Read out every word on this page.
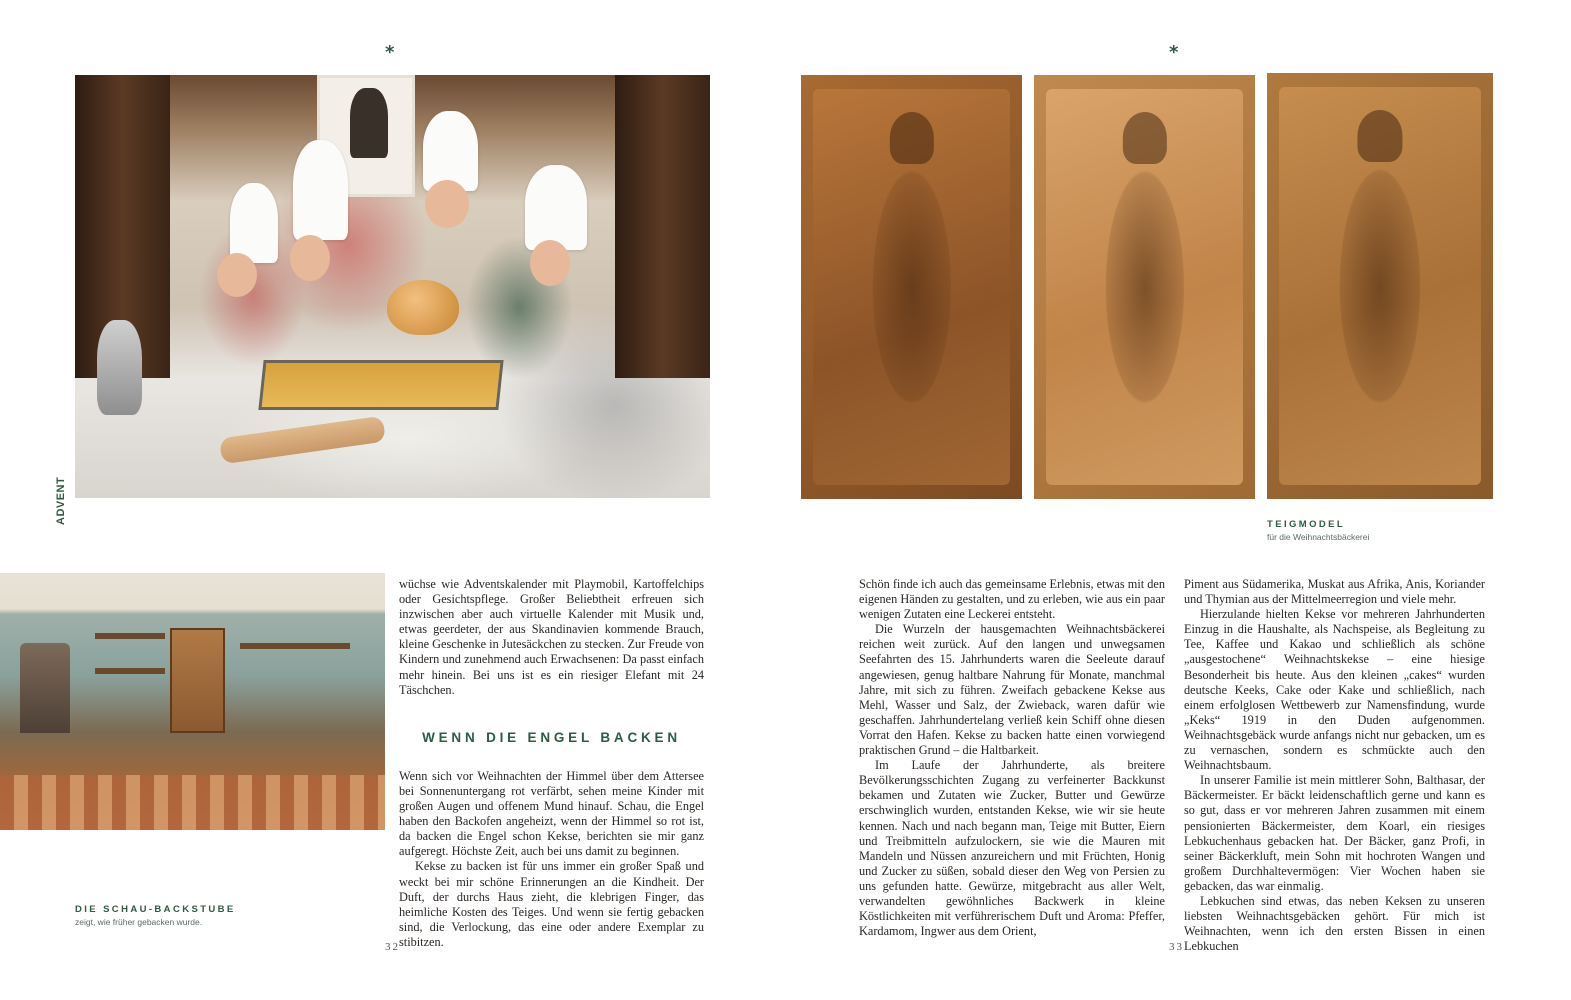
*	*
ADVENT	TEIGMODEL
für die Weihnachtsbäckerei
DIE SCHAU-BACKSTUBE
zeigt, wie früher gebacken wurde.

wüchse wie Adventskalender mit Playmobil, Kartoffelchips oder Gesichtspflege. Großer Beliebtheit erfreuen sich inzwischen aber auch virtuelle Kalender mit Musik und, etwas geerdeter, der aus Skandinavien kommende Brauch, kleine Geschenke in Jutesäckchen zu stecken. Zur Freude von Kindern und zunehmend auch Erwachsenen: Da passt einfach mehr hinein. Bei uns ist es ein riesiger Elefant mit 24 Täschchen.

WENN DIE ENGEL BACKEN

Wenn sich vor Weihnachten der Himmel über dem Attersee bei Sonnenuntergang rot verfärbt, sehen meine Kinder mit großen Augen und offenem Mund hinauf. Schau, die Engel haben den Backofen angeheizt, wenn der Himmel so rot ist, da backen die Engel schon Kekse, berichten sie mir ganz aufgeregt. Höchste Zeit, auch bei uns damit zu beginnen.

Kekse zu backen ist für uns immer ein großer Spaß und weckt bei mir schöne Erinnerungen an die Kindheit. Der Duft, der durchs Haus zieht, die klebrigen Finger, das heimliche Kosten des Teiges. Und wenn sie fertig gebacken sind, die Verlockung, das eine oder andere Exemplar zu stibitzen.

Schön finde ich auch das gemeinsame Erlebnis, etwas mit den eigenen Händen zu gestalten, und zu erleben, wie aus ein paar wenigen Zutaten eine Leckerei entsteht.

Die Wurzeln der hausgemachten Weihnachtsbäckerei reichen weit zurück. Auf den langen und unwegsamen Seefahrten des 15. Jahrhunderts waren die Seeleute darauf angewiesen, genug haltbare Nahrung für Monate, manchmal Jahre, mit sich zu führen. Zweifach gebackene Kekse aus Mehl, Wasser und Salz, der Zwieback, waren dafür wie geschaffen. Jahrhundertelang verließ kein Schiff ohne diesen Vorrat den Hafen. Kekse zu backen hatte einen vorwiegend praktischen Grund – die Haltbarkeit.

Im Laufe der Jahrhunderte, als breitere Bevölkerungsschichten Zugang zu verfeinerter Backkunst bekamen und Zutaten wie Zucker, Butter und Gewürze erschwinglich wurden, entstanden Kekse, wie wir sie heute kennen. Nach und nach begann man, Teige mit Butter, Eiern und Treibmitteln aufzulockern, sie wie die Mauren mit Mandeln und Nüssen anzureichern und mit Früchten, Honig und Zucker zu süßen, sobald dieser den Weg von Persien zu uns gefunden hatte. Gewürze, mitgebracht aus aller Welt, verwandelten gewöhnliches Backwerk in kleine Köstlichkeiten mit verführerischem Duft und Aroma: Pfeffer, Kardamom, Ingwer aus dem Orient,

Piment aus Südamerika, Muskat aus Afrika, Anis, Koriander und Thymian aus der Mittelmeerregion und viele mehr.

Hierzulande hielten Kekse vor mehreren Jahrhunderten Einzug in die Haushalte, als Nachspeise, als Begleitung zu Tee, Kaffee und Kakao und schließlich als schöne „ausgestochene“ Weihnachtskekse – eine hiesige Besonderheit bis heute. Aus den kleinen „cakes“ wurden deutsche Keeks, Cake oder Kake und schließlich, nach einem erfolglosen Wettbewerb zur Namensfindung, wurde „Keks“ 1919 in den Duden aufgenommen. Weihnachtsgebäck wurde anfangs nicht nur gebacken, um es zu vernaschen, sondern es schmückte auch den Weihnachtsbaum.

In unserer Familie ist mein mittlerer Sohn, Balthasar, der Bäckermeister. Er bäckt leidenschaftlich gerne und kann es so gut, dass er vor mehreren Jahren zusammen mit einem pensionierten Bäckermeister, dem Koarl, ein riesiges Lebkuchenhaus gebacken hat. Der Bäcker, ganz Profi, in seiner Bäckerkluft, mein Sohn mit hochroten Wangen und großem Durchhaltevermögen: Vier Wochen haben sie gebacken, das war einmalig.

Lebkuchen sind etwas, das neben Keksen zu unseren liebsten Weihnachtsgebäcken gehört. Für mich ist Weihnachten, wenn ich den ersten Bissen in einen Lebkuchen

32	33
